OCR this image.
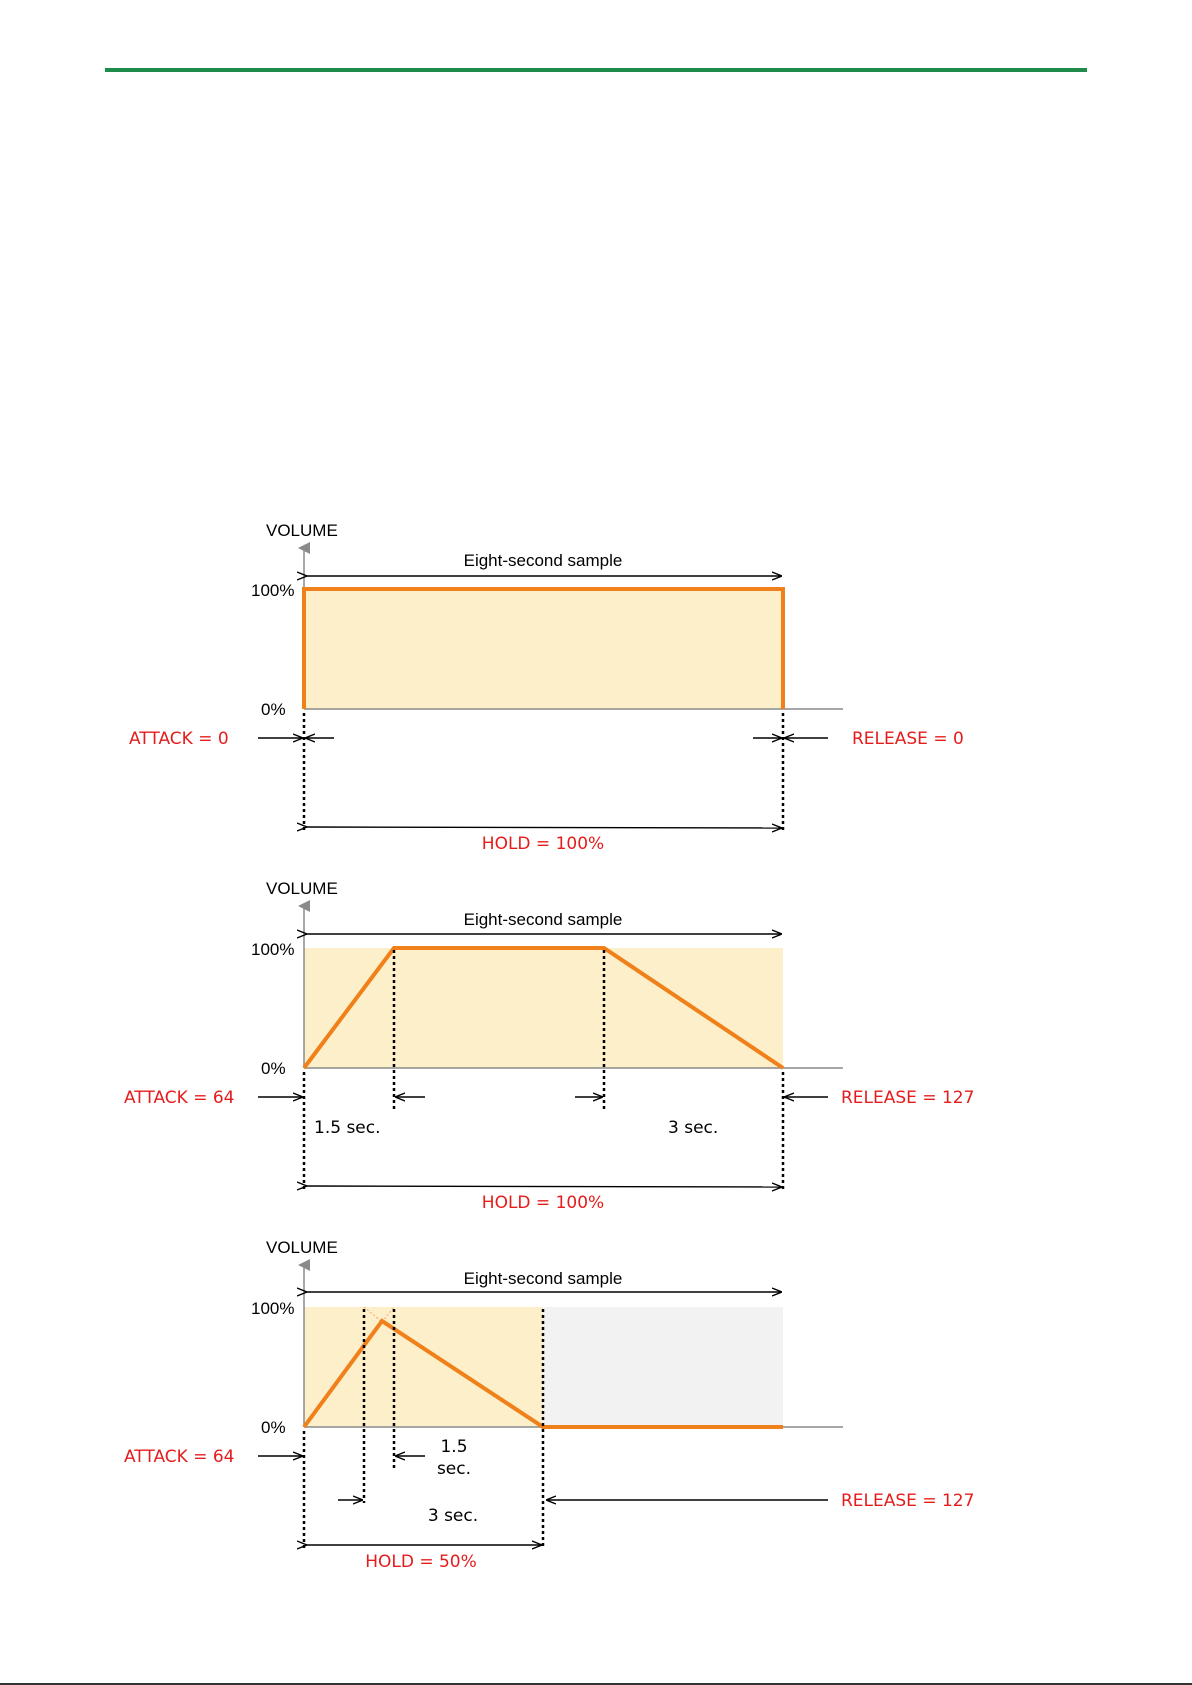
VOLUME
100%
0%
Eight-second sample
ATTACK = 0	RELEASE = 0
HOLD = 100%
VOLUME
100%
0%
Eight-second sample
ATTACK = 64
1.5 sec.
RELEASE = 127
3 sec.
HOLD = 100%
VOLUME
100%
0%
Eight-second sample
ATTACK = 64	1.5
sec.
RELEASE = 127
3 sec.
HOLD = 50%
